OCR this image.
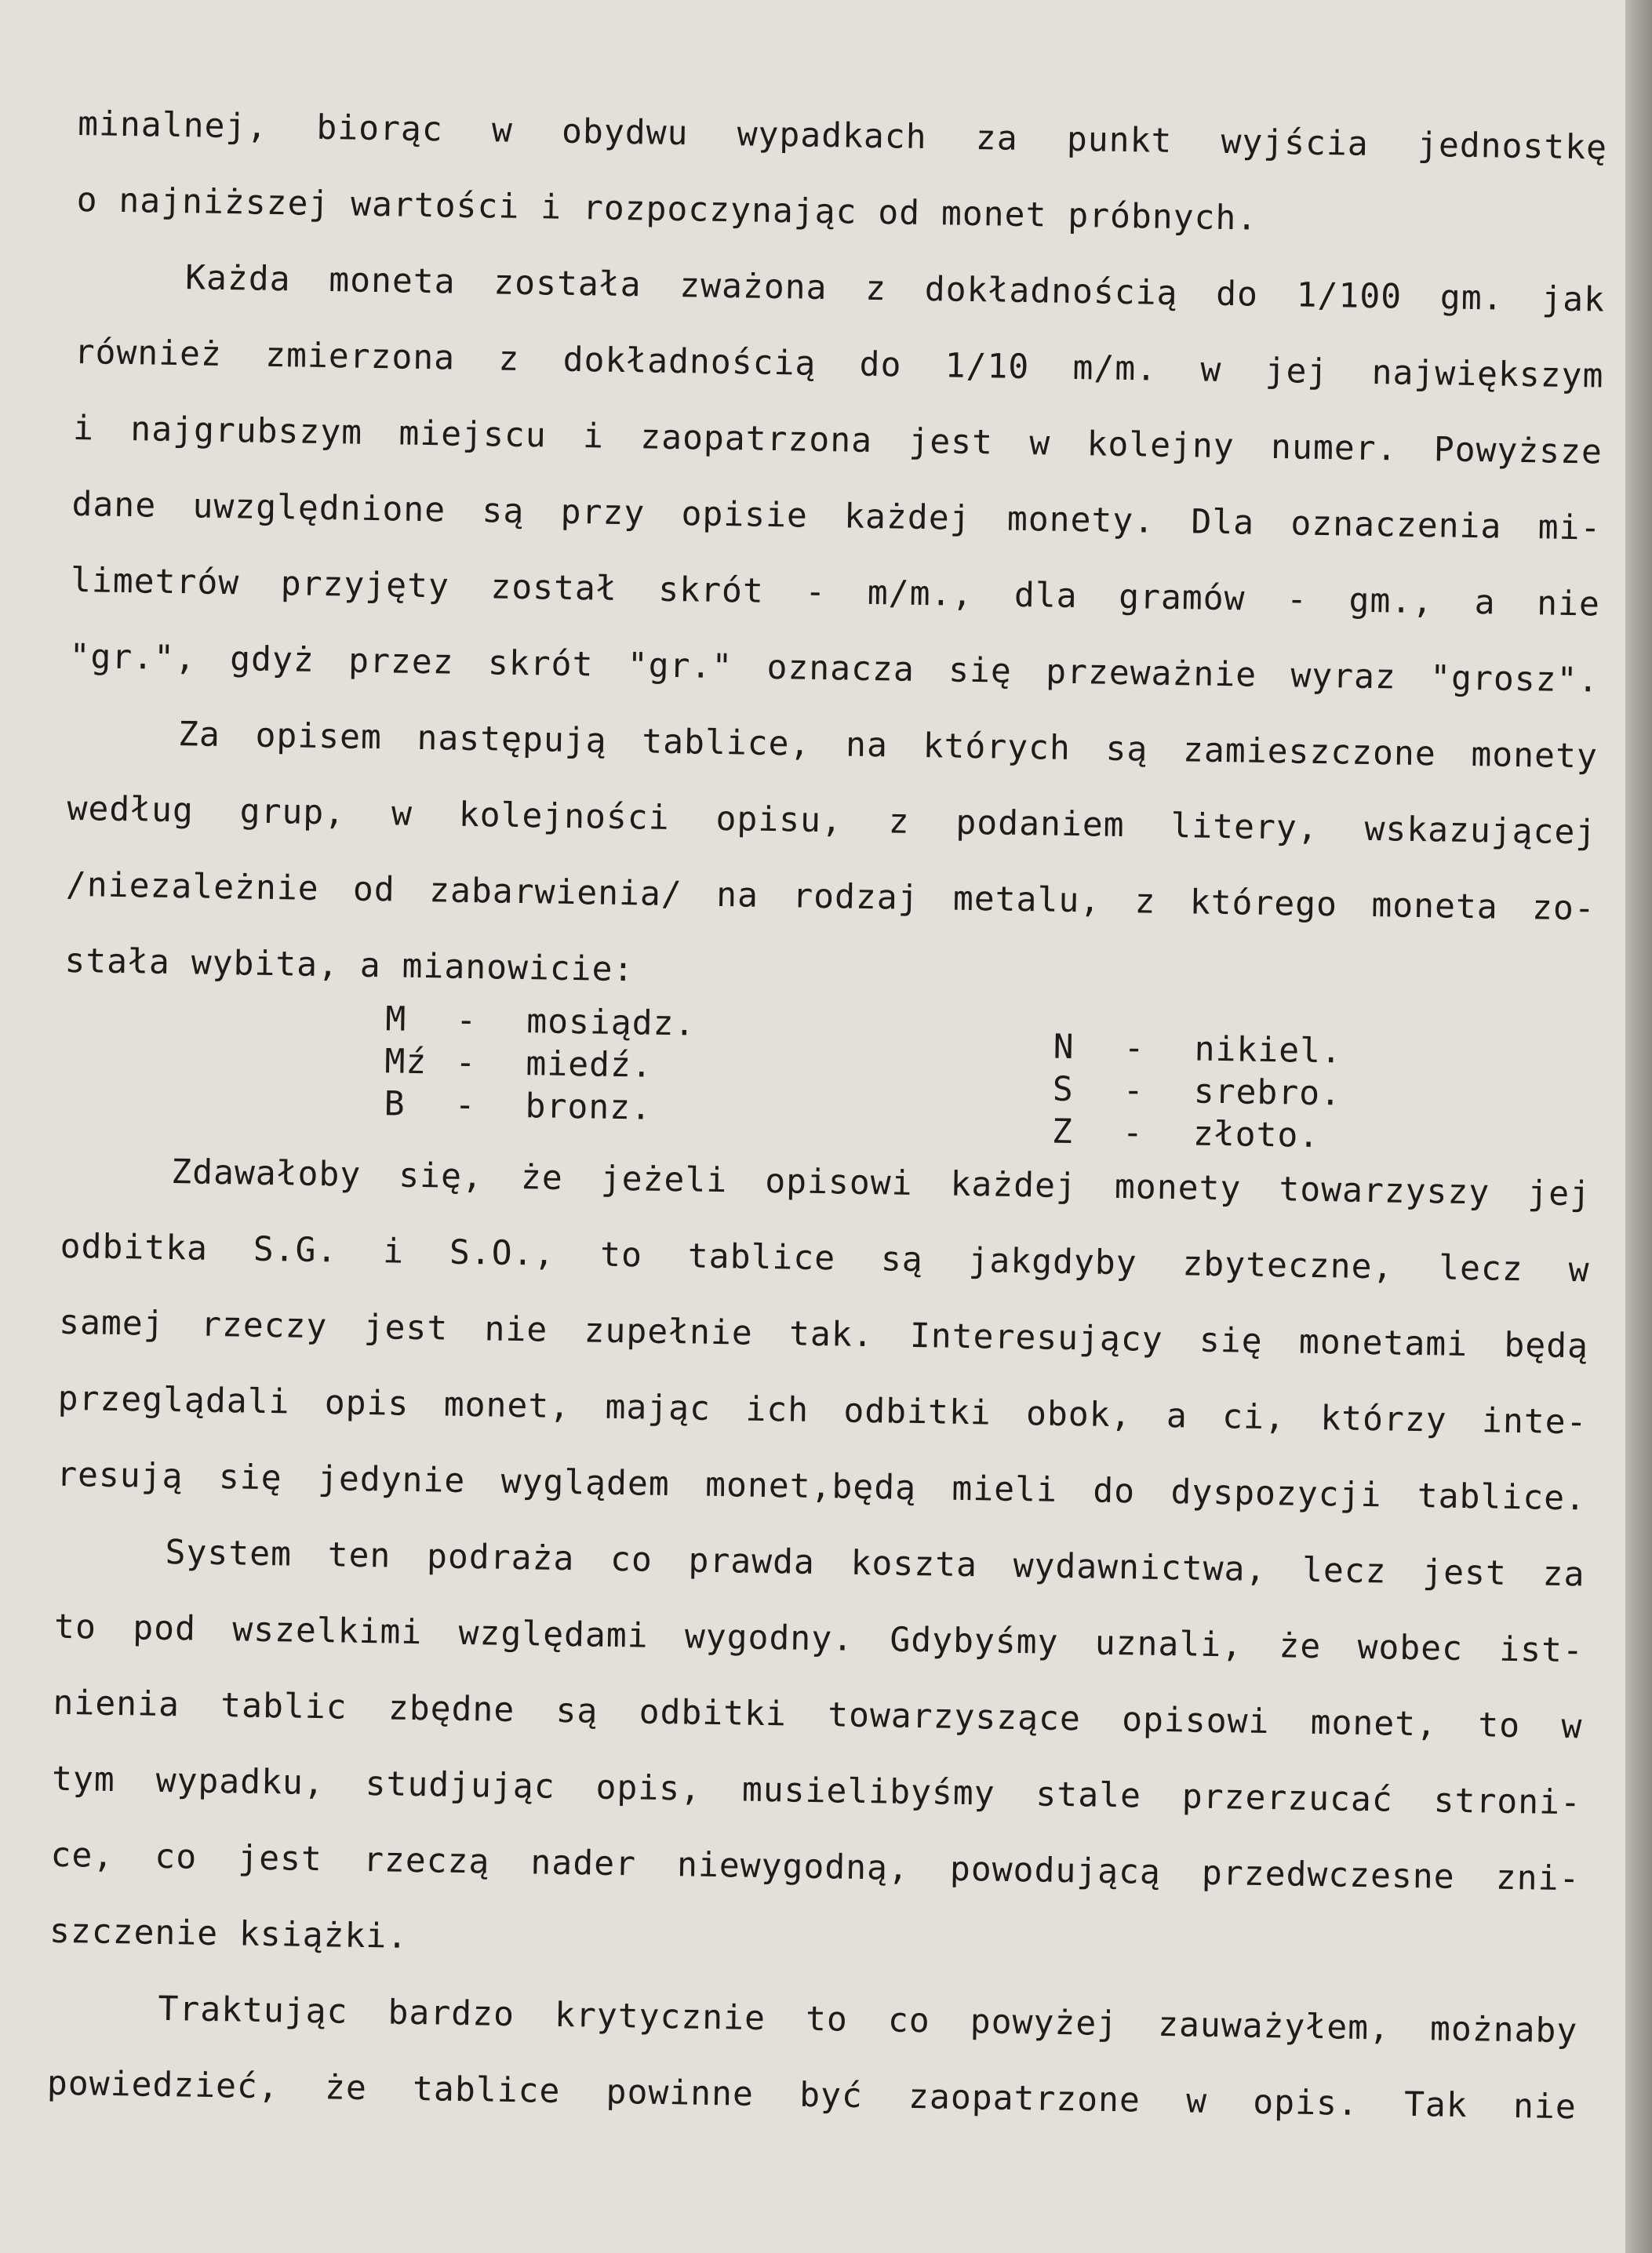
minalnej, biorąc w obydwu wypadkach za punkt wyjścia jednostkę
o najniższej wartości i rozpoczynając od monet próbnych.
Każda moneta została zważona z dokładnością do 1/100 gm. jak
również zmierzona z dokładnością do 1/10 m/m. w jej największym
i najgrubszym miejscu i zaopatrzona jest w kolejny numer. Powyższe
dane uwzględnione są przy opisie każdej monety. Dla oznaczenia mi-
limetrów przyjęty został skrót - m/m., dla gramów - gm., a nie
"gr.", gdyż przez skrót "gr." oznacza się przeważnie wyraz "grosz".
Za opisem następują tablice, na których są zamieszczone monety
według grup, w kolejności opisu, z podaniem litery, wskazującej
/niezależnie od zabarwienia/ na rodzaj metalu, z którego moneta zo-
stała wybita, a mianowicie:
M	-	mosiądz.
Mź -	miedź.
B	-	bronz.
N	-	nikiel.
S	-	srebro.
Z	-	złoto.
Zdawałoby się, że jeżeli opisowi każdej monety towarzyszy jej
odbitka S.G. i S.O., to tablice są jakgdyby zbyteczne, lecz w
samej rzeczy jest nie zupełnie tak. Interesujący się monetami będą
przeglądali opis monet, mając ich odbitki obok, a ci, którzy inte-
resują się jedynie wyglądem monet,będą mieli do dyspozycji tablice.
System ten podraża co prawda koszta wydawnictwa, lecz jest za
to pod wszelkimi względami wygodny. Gdybyśmy uznali, że wobec ist-
nienia tablic zbędne są odbitki towarzyszące opisowi monet, to w
tym wypadku, studjując opis, musielibyśmy stale przerzucać stroni-
ce, co jest rzeczą nader niewygodną, powodującą przedwczesne zni-
szczenie książki.
Traktując bardzo krytycznie to co powyżej zauważyłem, możnaby
powiedzieć, że tablice powinne być zaopatrzone w opis. Tak nie
